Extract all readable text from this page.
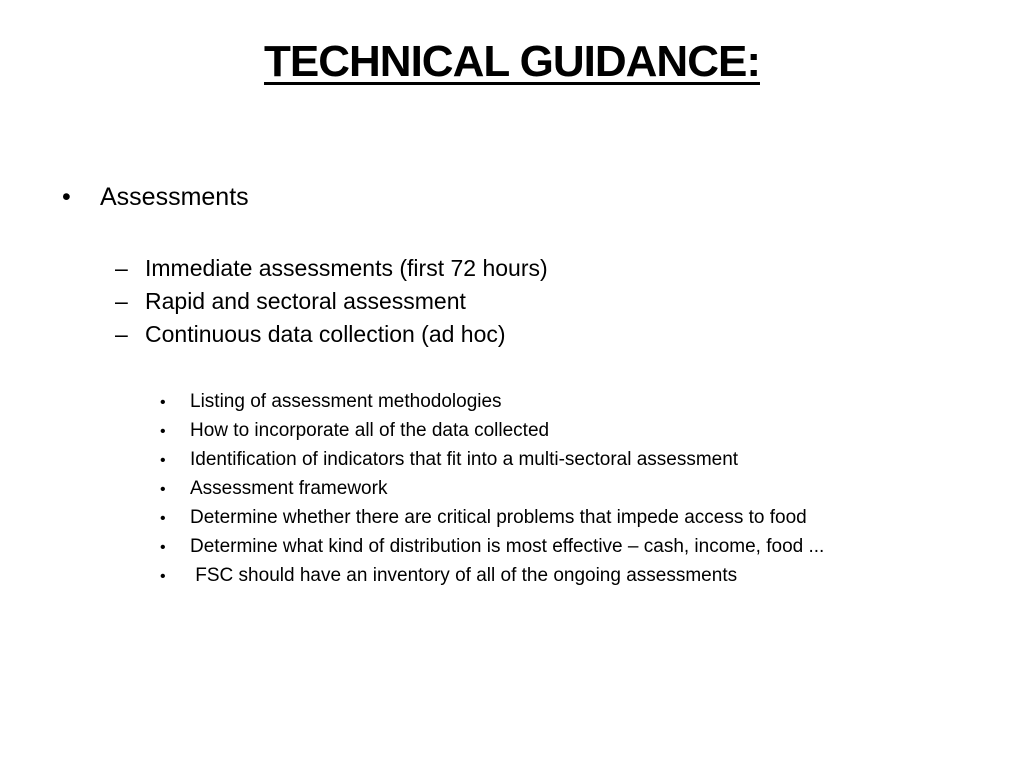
TECHNICAL GUIDANCE:
• Assessments
– Immediate assessments (first 72 hours)
– Rapid and sectoral assessment
– Continuous data collection (ad hoc)
• Listing of assessment methodologies
• How to incorporate all of the data collected
• Identification of indicators that fit into a multi-sectoral assessment
• Assessment framework
• Determine whether there are critical problems that impede access to food
• Determine what kind of distribution is most effective – cash, income, food ...
• FSC should have an inventory of all of the ongoing assessments
